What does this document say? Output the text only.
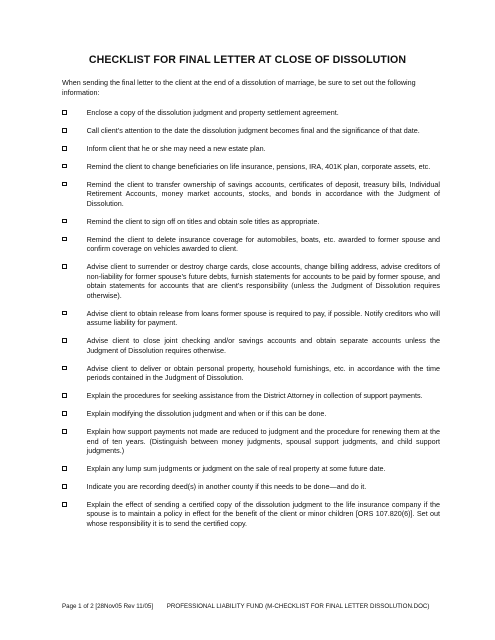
CHECKLIST FOR FINAL LETTER AT CLOSE OF DISSOLUTION
When sending the final letter to the client at the end of a dissolution of marriage, be sure to set out the following information:
Enclose a copy of the dissolution judgment and property settlement agreement.
Call client’s attention to the date the dissolution judgment becomes final and the significance of that date.
Inform client that he or she may need a new estate plan.
Remind the client to change beneficiaries on life insurance, pensions, IRA, 401K plan, corporate assets, etc.
Remind the client to transfer ownership of savings accounts, certificates of deposit, treasury bills, Individual Retirement Accounts, money market accounts, stocks, and bonds in accordance with the Judgment of Dissolution.
Remind the client to sign off on titles and obtain sole titles as appropriate.
Remind the client to delete insurance coverage for automobiles, boats, etc. awarded to former spouse and confirm coverage on vehicles awarded to client.
Advise client to surrender or destroy charge cards, close accounts, change billing address, advise creditors of non-liability for former spouse’s future debts, furnish statements for accounts to be paid by former spouse, and obtain statements for accounts that are client’s responsibility (unless the Judgment of Dissolution requires otherwise).
Advise client to obtain release from loans former spouse is required to pay, if possible. Notify creditors who will assume liability for payment.
Advise client to close joint checking and/or savings accounts and obtain separate accounts unless the Judgment of Dissolution requires otherwise.
Advise client to deliver or obtain personal property, household furnishings, etc. in accordance with the time periods contained in the Judgment of Dissolution.
Explain the procedures for seeking assistance from the District Attorney in collection of support payments.
Explain modifying the dissolution judgment and when or if this can be done.
Explain how support payments not made are reduced to judgment and the procedure for renewing them at the end of ten years. (Distinguish between money judgments, spousal support judgments, and child support judgments.)
Explain any lump sum judgments or judgment on the sale of real property at some future date.
Indicate you are recording deed(s) in another county if this needs to be done—and do it.
Explain the effect of sending a certified copy of the dissolution judgment to the life insurance company if the spouse is to maintain a policy in effect for the benefit of the client or minor children [ORS 107.820(6)]. Set out whose responsibility it is to send the certified copy.
Page 1 of 2 [28Nov05 Rev 11/05] PROFESSIONAL LIABILITY FUND (M-CHECKLIST FOR FINAL LETTER DISSOLUTION.DOC)
